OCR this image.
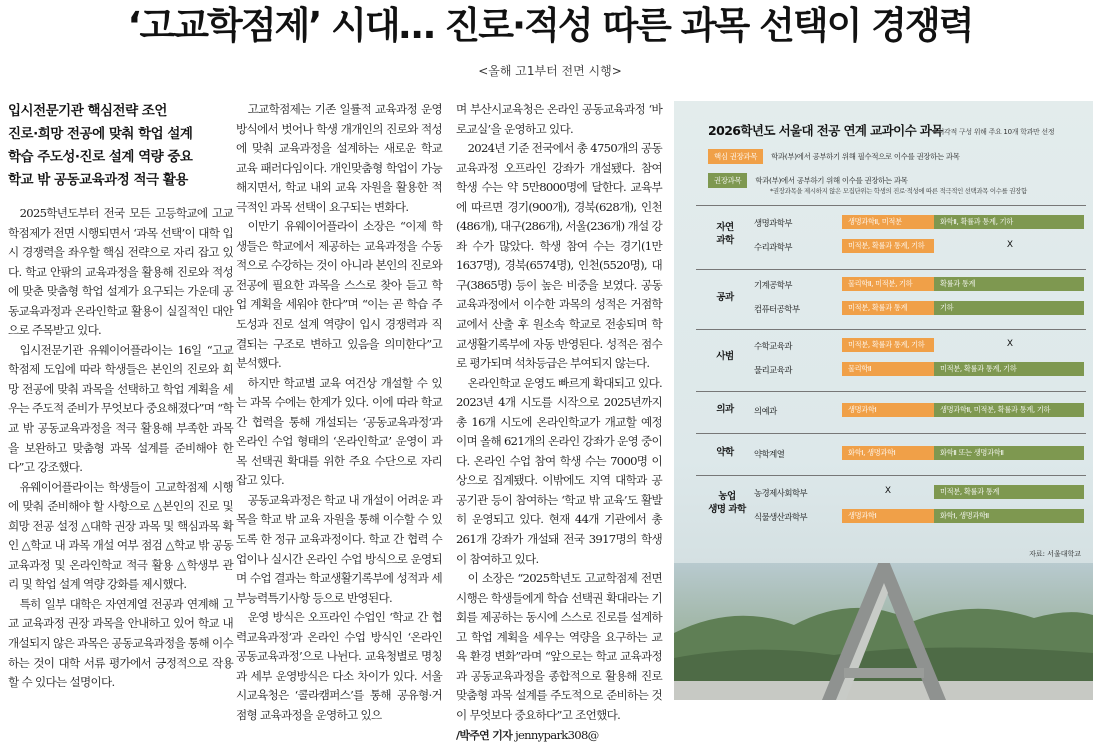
‘고교학점제’ 시대… 진로·적성 따른 과목 선택이 경쟁력
<올해 고1부터 전면 시행>
입시전문기관 핵심전략 조언
진로·희망 전공에 맞춰 학업 설계
학습 주도성·진로 설계 역량 중요
학교 밖 공동교육과정 적극 활용

2025학년도부터 전국 모든 고등학교에 고교학점제가 전면 시행되면서 ‘과목 선택’이 대학 입시 경쟁력을 좌우할 핵심 전략으로 자리 잡고 있다. 학교 안팎의 교육과정을 활용해 진로와 적성에 맞춘 맞춤형 학업 설계가 요구되는 가운데 공동교육과정과 온라인학교 활용이 실질적인 대안으로 주목받고 있다.

입시전문기관 유웨이어플라이는 16일 “고교학점제 도입에 따라 학생들은 본인의 진로와 희망 전공에 맞춰 과목을 선택하고 학업 계획을 세우는 주도적 준비가 무엇보다 중요해졌다”며 “학교 밖 공동교육과정을 적극 활용해 부족한 과목을 보완하고 맞춤형 과목 설계를 준비해야 한다”고 강조했다.

유웨이어플라이는 학생들이 고교학점제 시행에 맞춰 준비해야 할 사항으로 △본인의 진로 및 희망 전공 설정 △대학 권장 과목 및 핵심과목 확인 △학교 내 과목 개설 여부 점검 △학교 밖 공동교육과정 및 온라인학교 적극 활용 △학생부 관리 및 학업 설계 역량 강화를 제시했다.

특히 일부 대학은 자연계열 전공과 연계해 고교 교육과정 권장 과목을 안내하고 있어 학교 내 개설되지 않은 과목은 공동교육과정을 통해 이수하는 것이 대학 서류 평가에서 긍정적으로 작용할 수 있다는 설명이다.

고교학점제는 기존 일률적 교육과정 운영 방식에서 벗어나 학생 개개인의 진로와 적성에 맞춰 교육과정을 설계하는 새로운 학교 교육 패러다임이다. 개인맞춤형 학업이 가능해지면서, 학교 내외 교육 자원을 활용한 적극적인 과목 선택이 요구되는 변화다.

이만기 유웨이어플라이 소장은 “이제 학생들은 학교에서 제공하는 교육과정을 수동적으로 수강하는 것이 아니라 본인의 진로와 전공에 필요한 과목을 스스로 찾아 듣고 학업 계획을 세워야 한다”며 “이는 곧 학습 주도성과 진로 설계 역량이 입시 경쟁력과 직결되는 구조로 변하고 있음을 의미한다”고 분석했다.

하지만 학교별 교육 여건상 개설할 수 있는 과목 수에는 한계가 있다. 이에 따라 학교 간 협력을 통해 개설되는 ‘공동교육과정’과 온라인 수업 형태의 ‘온라인학교’ 운영이 과목 선택권 확대를 위한 주요 수단으로 자리 잡고 있다.

공동교육과정은 학교 내 개설이 어려운 과목을 학교 밖 교육 자원을 통해 이수할 수 있도록 한 정규 교육과정이다. 학교 간 협력 수업이나 실시간 온라인 수업 방식으로 운영되며 수업 결과는 학교생활기록부에 성적과 세부능력특기사항 등으로 반영된다.

운영 방식은 오프라인 수업인 ‘학교 간 협력교육과정’과 온라인 수업 방식인 ‘온라인공동교육과정’으로 나뉜다. 교육청별로 명칭과 세부 운영방식은 다소 차이가 있다. 서울시교육청은 ‘콜라캠퍼스’를 통해 공유형·거점형 교육과정을 운영하고 있으

며 부산시교육청은 온라인 공동교육과정 ‘바로교실’을 운영하고 있다.

2024년 기준 전국에서 총 4750개의 공동교육과정 오프라인 강좌가 개설됐다. 참여 학생 수는 약 5만8000명에 달한다. 교육부에 따르면 경기(900개), 경북(628개), 인천(486개), 대구(286개), 서울(236개) 개설 강좌 수가 많았다. 학생 참여 수는 경기(1만1637명), 경북(6574명), 인천(5520명), 대구(3865명) 등이 높은 비중을 보였다. 공동교육과정에서 이수한 과목의 성적은 거점학교에서 산출 후 원소속 학교로 전송되며 학교생활기록부에 자동 반영된다. 성적은 점수로 평가되며 석차등급은 부여되지 않는다.

온라인학교 운영도 빠르게 확대되고 있다. 2023년 4개 시도를 시작으로 2025년까지 총 16개 시도에 온라인학교가 개교할 예정이며 올해 621개의 온라인 강좌가 운영 중이다. 온라인 수업 참여 학생 수는 7000명 이상으로 집계됐다. 이밖에도 지역 대학과 공공기관 등이 참여하는 ‘학교 밖 교육’도 활발히 운영되고 있다. 현재 44개 기관에서 총 261개 강좌가 개설돼 전국 3917명의 학생이 참여하고 있다.

이 소장은 “2025학년도 고교학점제 전면 시행은 학생들에게 학습 선택권 확대라는 기회를 제공하는 동시에 스스로 진로를 설계하고 학업 계획을 세우는 역량을 요구하는 교육 환경 변화”라며 “앞으로는 학교 교육과정과 공동교육과정을 종합적으로 활용해 진로 맞춤형 과목 설계를 주도적으로 준비하는 것이 무엇보다 중요하다”고 조언했다.

/박주연 기자 jennypark308@

2026학년도 서울대 전공 연계 교과이수 과목
※시각적 구성 위해 주요 10개 학과만 선정
핵심 권장과목 학과(부)에서 공부하기 위해 필수적으로 이수를 권장하는 과목
권장과목 학과(부)에서 공부하기 위해 이수를 권장하는 과목
*권장과목을 제시하지 않은 모집단위는 학생의 진로·적성에 따른 적극적인 선택과목 이수를 권장함
자연
과학
생명과학부	생명과학Ⅱ, 미적분	화학Ⅱ, 확률과 통계, 기하
수리과학부	미적분, 확률과 통계, 기하	X
공과
기계공학부	물리학Ⅱ, 미적분, 기하	확률과 통계
컴퓨터공학부	미적분, 확률과 통계	기하
사범
수학교육과	미적분, 확률과 통계, 기하	X
물리교육과	물리학Ⅱ	미적분, 확률과 통계, 기하
의과	의예과	생명과학Ⅰ	생명과학Ⅱ, 미적분, 확률과 통계, 기하
약학	약학계열	화학Ⅰ, 생명과학Ⅰ	화학Ⅱ 또는 생명과학Ⅱ
농업
생명 과학
농경제사회학부	X	미적분, 확률과 통계
식물생산과학부	생명과학Ⅰ	화학Ⅰ, 생명과학Ⅱ
자료: 서울대학교
